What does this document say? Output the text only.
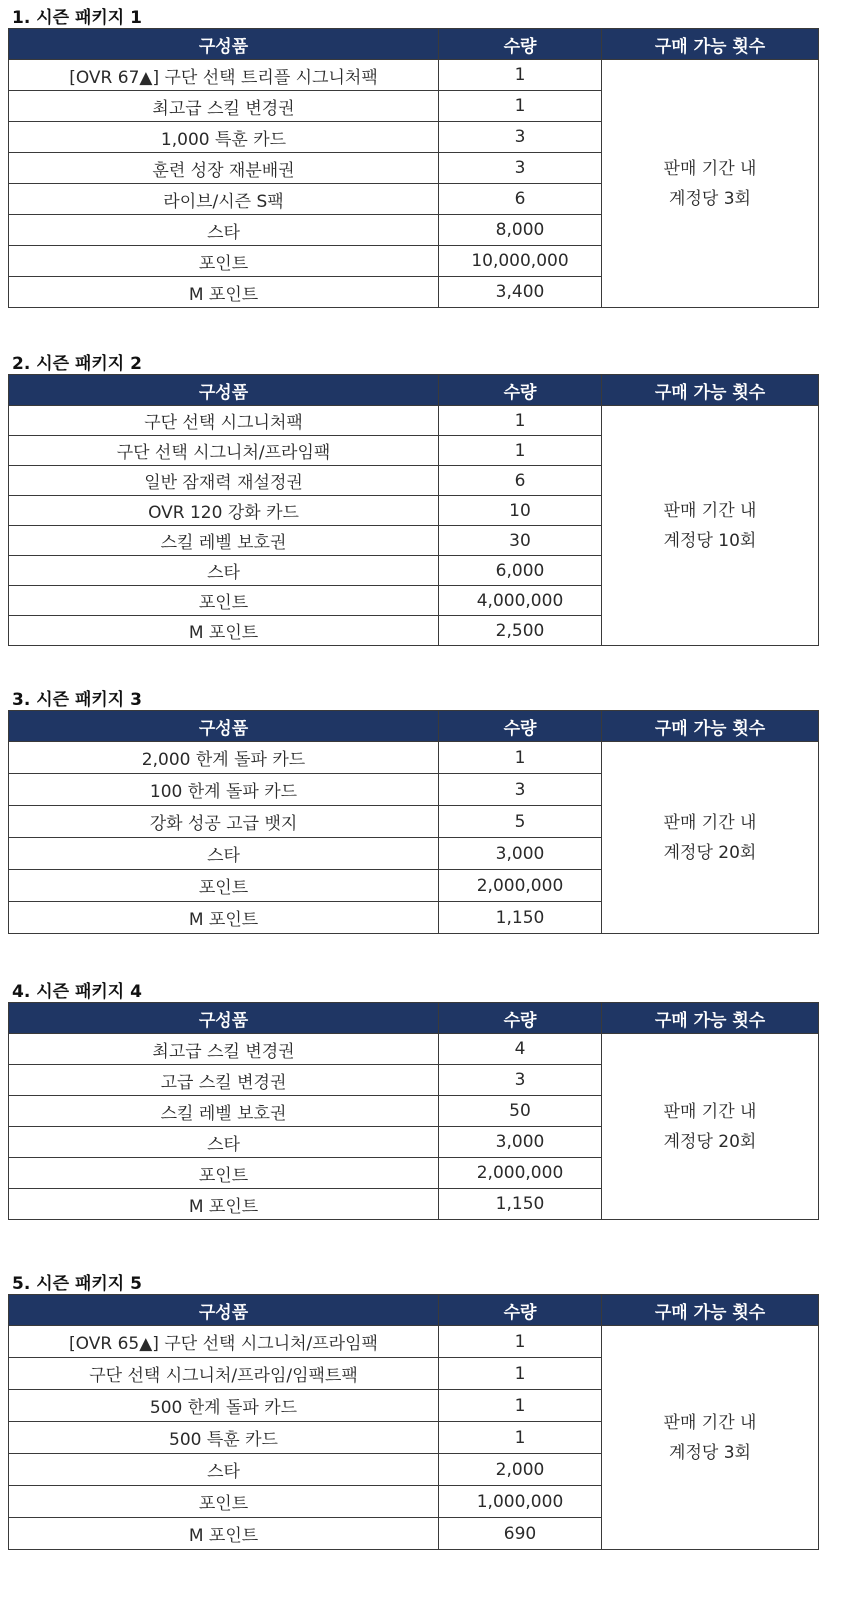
1. 시즌 패키지 1
구성품	수량	구매 가능 횟수
[OVR 67▲] 구단 선택 트리플 시그니처팩	1	판매 기간 내
계정당 3회

최고급 스킬 변경권	1	
1,000 특훈 카드	3	
훈련 성장 재분배권	3	
라이브/시즌 S팩	6	
스타	8,000	
포인트	10,000,000	
M 포인트	3,400	
2. 시즌 패키지 2
구성품	수량	구매 가능 횟수
구단 선택 시그니처팩	1	판매 기간 내
계정당 10회

구단 선택 시그니처/프라임팩	1	
일반 잠재력 재설정권	6	
OVR 120 강화 카드	10	
스킬 레벨 보호권	30	
스타	6,000	
포인트	4,000,000	
M 포인트	2,500	
3. 시즌 패키지 3
구성품	수량	구매 가능 횟수
2,000 한계 돌파 카드	1	판매 기간 내
계정당 20회

100 한계 돌파 카드	3	
강화 성공 고급 뱃지	5	
스타	3,000	
포인트	2,000,000	
M 포인트	1,150	
4. 시즌 패키지 4
구성품	수량	구매 가능 횟수
최고급 스킬 변경권	4	판매 기간 내
계정당 20회

고급 스킬 변경권	3	
스킬 레벨 보호권	50	
스타	3,000	
포인트	2,000,000	
M 포인트	1,150	
5. 시즌 패키지 5
구성품	수량	구매 가능 횟수
[OVR 65▲] 구단 선택 시그니처/프라임팩	1	판매 기간 내
계정당 3회

구단 선택 시그니처/프라임/임팩트팩	1	
500 한계 돌파 카드	1	
500 특훈 카드	1	
스타	2,000	
포인트	1,000,000	
M 포인트	690	
